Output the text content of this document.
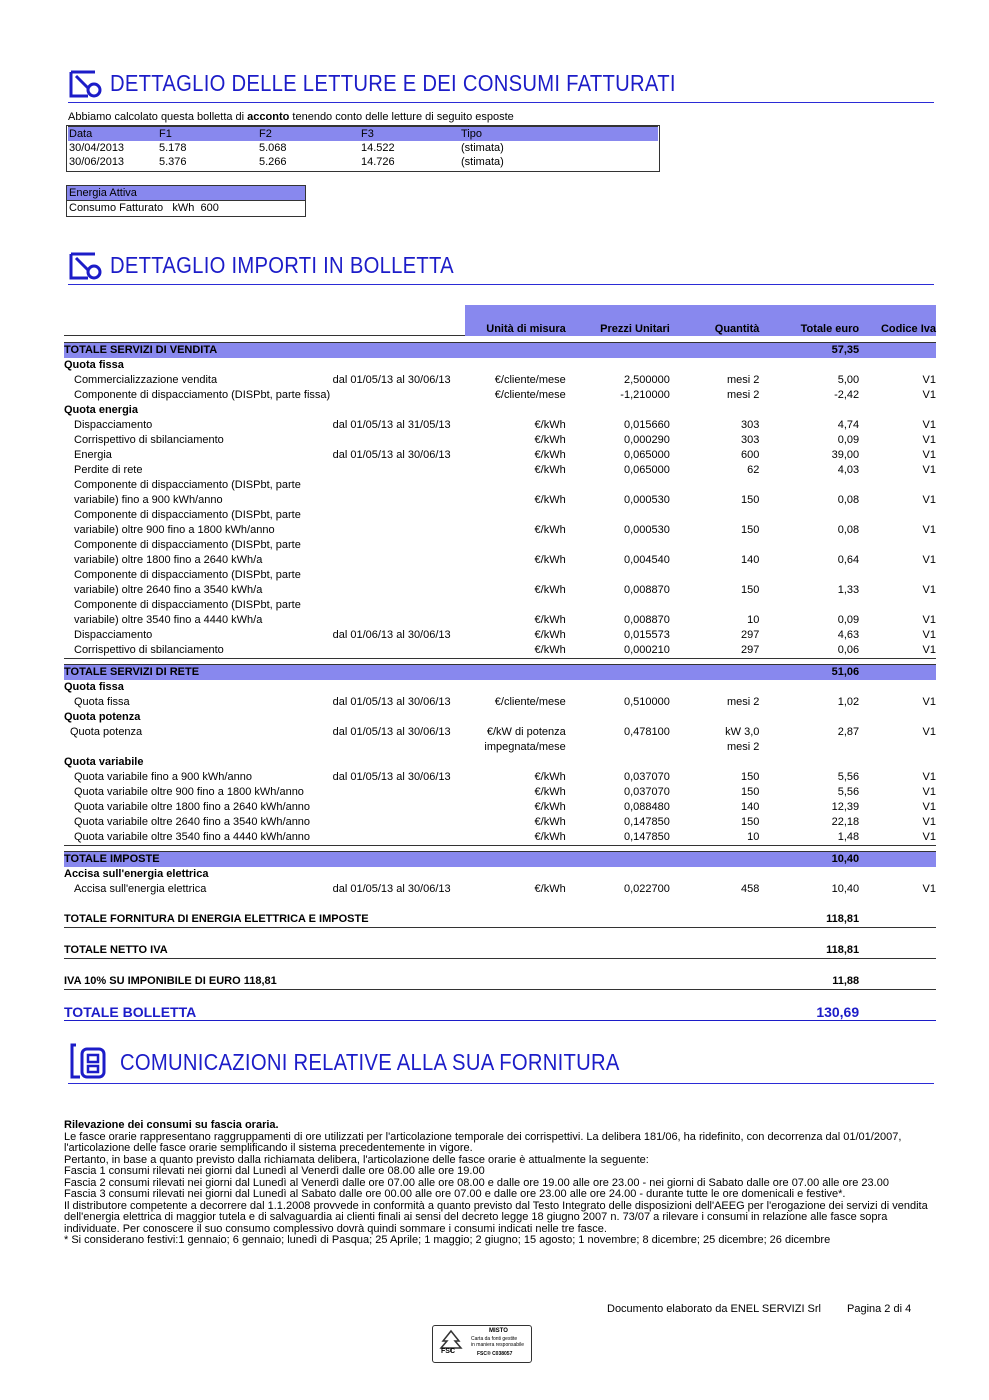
DETTAGLIO DELLE LETTURE E DEI CONSUMI FATTURATI
Abbiamo calcolato questa bolletta di acconto tenendo conto delle letture di seguito esposte
Data	F1	F2	F3	Tipo
30/04/2013	5.178	5.068	14.522	(stimata)
30/06/2013	5.376	5.266	14.726	(stimata)
Energia Attiva
Consumo Fatturato kWh 600
DETTAGLIO IMPORTI IN BOLLETTA
		Unità di misura	Prezzi Unitari	Quantità	Totale euro	Codice Iva

TOTALE SERVIZI DI VENDITA					57,35	
Quota fissa						
Commercializzazione vendita	dal 01/05/13 al 30/06/13	€/cliente/mese	2,500000	mesi 2	5,00	V1
Componente di dispacciamento (DISPbt, parte fissa)		€/cliente/mese	-1,210000	mesi 2	-2,42	V1
Quota energia						
Dispacciamento	dal 01/05/13 al 31/05/13	€/kWh	0,015660	303	4,74	V1
Corrispettivo di sbilanciamento		€/kWh	0,000290	303	0,09	V1
Energia	dal 01/05/13 al 30/06/13	€/kWh	0,065000	600	39,00	V1
Perdite di rete		€/kWh	0,065000	62	4,03	V1
Componente di dispacciamento (DISPbt, parte						
variabile) fino a 900 kWh/anno		€/kWh	0,000530	150	0,08	V1
Componente di dispacciamento (DISPbt, parte						
variabile) oltre 900 fino a 1800 kWh/anno		€/kWh	0,000530	150	0,08	V1
Componente di dispacciamento (DISPbt, parte						
variabile) oltre 1800 fino a 2640 kWh/a		€/kWh	0,004540	140	0,64	V1
Componente di dispacciamento (DISPbt, parte						
variabile) oltre 2640 fino a 3540 kWh/a		€/kWh	0,008870	150	1,33	V1
Componente di dispacciamento (DISPbt, parte						
variabile) oltre 3540 fino a 4440 kWh/a		€/kWh	0,008870	10	0,09	V1
Dispacciamento	dal 01/06/13 al 30/06/13	€/kWh	0,015573	297	4,63	V1
Corrispettivo di sbilanciamento		€/kWh	0,000210	297	0,06	V1

TOTALE SERVIZI DI RETE					51,06	
Quota fissa						
Quota fissa	dal 01/05/13 al 30/06/13	€/cliente/mese	0,510000	mesi 2	1,02	V1
Quota potenza						
Quota potenza	dal 01/05/13 al 30/06/13	€/kW di potenza	0,478100	kW 3,0	2,87	V1
		impegnata/mese		mesi 2		
Quota variabile						
Quota variabile fino a 900 kWh/anno	dal 01/05/13 al 30/06/13	€/kWh	0,037070	150	5,56	V1
Quota variabile oltre 900 fino a 1800 kWh/anno		€/kWh	0,037070	150	5,56	V1
Quota variabile oltre 1800 fino a 2640 kWh/anno		€/kWh	0,088480	140	12,39	V1
Quota variabile oltre 2640 fino a 3540 kWh/anno		€/kWh	0,147850	150	22,18	V1
Quota variabile oltre 3540 fino a 4440 kWh/anno		€/kWh	0,147850	10	1,48	V1

TOTALE IMPOSTE					10,40	
Accisa sull'energia elettrica						
Accisa sull'energia elettrica	dal 01/05/13 al 30/06/13	€/kWh	0,022700	458	10,40	V1
TOTALE FORNITURA DI ENERGIA ELETTRICA E IMPOSTE					118,81	
TOTALE NETTO IVA					118,81	
IVA 10% SU IMPONIBILE DI EURO 118,81					11,88	
TOTALE BOLLETTA					130,69	
COMUNICAZIONI RELATIVE ALLA SUA FORNITURA

Rilevazione dei consumi su fascia oraria.

Le fasce orarie rappresentano raggruppamenti di ore utilizzati per l'articolazione temporale dei corrispettivi. La delibera 181/06, ha ridefinito, con decorrenza dal 01/01/2007,

l'articolazione delle fasce orarie semplificando il sistema precedentemente in vigore.

Pertanto, in base a quanto previsto dalla richiamata delibera, l'articolazione delle fasce orarie è attualmente la seguente:

Fascia 1 consumi rilevati nei giorni dal Lunedì al Venerdì dalle ore 08.00 alle ore 19.00

Fascia 2 consumi rilevati nei giorni dal Lunedì al Venerdì dalle ore 07.00 alle ore 08.00 e dalle ore 19.00 alle ore 23.00 - nei giorni di Sabato dalle ore 07.00 alle ore 23.00

Fascia 3 consumi rilevati nei giorni dal Lunedì al Sabato dalle ore 00.00 alle ore 07.00 e dalle ore 23.00 alle ore 24.00 - durante tutte le ore domenicali e festive*.

Il distributore competente a decorrere dal 1.1.2008 provvede in conformità a quanto previsto dal Testo Integrato delle disposizioni dell'AEEG per l'erogazione dei servizi di vendita

dell'energia elettrica di maggior tutela e di salvaguardia ai clienti finali ai sensi del decreto legge 18 giugno 2007 n. 73/07 a rilevare i consumi in relazione alle fasce sopra

individuate. Per conoscere il suo consumo complessivo dovrà quindi sommare i consumi indicati nelle tre fasce.

* Si considerano festivi:1 gennaio; 6 gennaio; lunedì di Pasqua; 25 Aprile; 1 maggio; 2 giugno; 15 agosto; 1 novembre; 8 dicembre; 25 dicembre; 26 dicembre

Documento elaborato da ENEL SERVIZI Srl Pagina 2 di 4
FSC
MISTO
Carta da fonti gestite
in maniera responsabile
FSC® C038057
